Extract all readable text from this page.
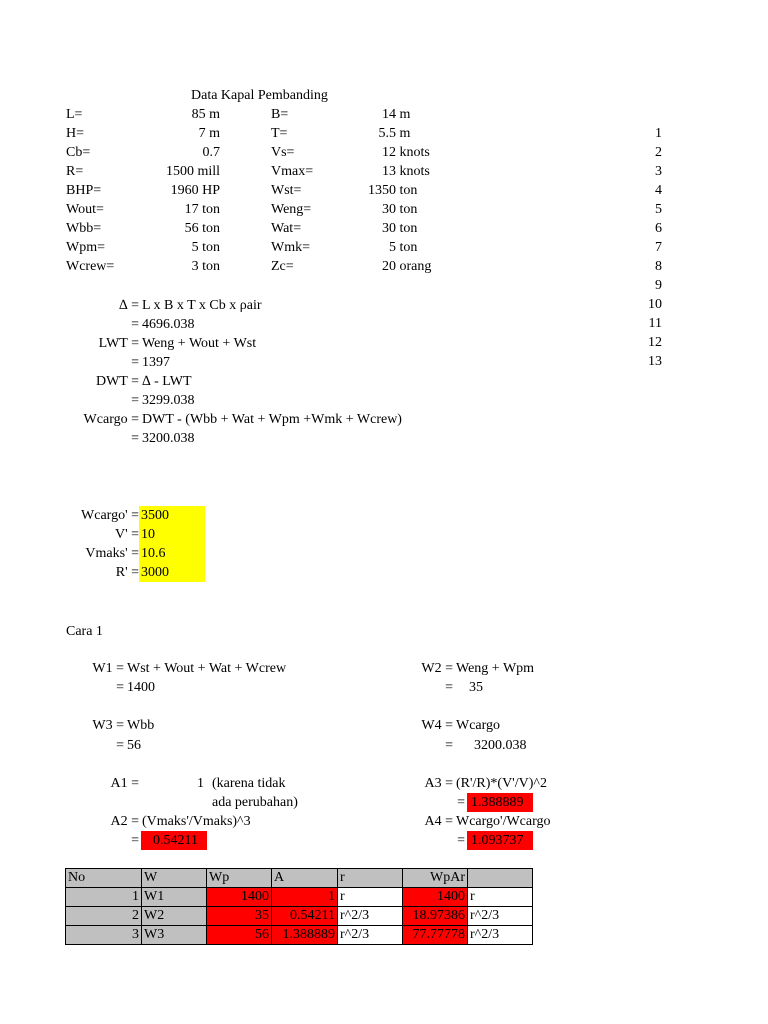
Data Kapal Pembanding
L=	85 m	B=	14 m
H=	7 m	T=	5.5 m	1
Cb=	0.7	Vs=	12 knots	2
R=	1500 mill	Vmax=	13 knots	3
BHP=	1960 HP	Wst=	1350 ton	4
Wout=	17 ton	Weng=	30 ton	5
Wbb=	56 ton	Wat=	30 ton	6
Wpm=	5 ton	Wmk=	5 ton	7
Wcrew=	3 ton	Zc=	20 orang	8
9
10
11
12
13
∆ = L x B x T x Cb x ρair
= 4696.038
LWT = Weng + Wout + Wst
= 1397
DWT = ∆ - LWT
= 3299.038
Wcargo = DWT - (Wbb + Wat + Wpm +Wmk + Wcrew)
= 3200.038
Wcargo' = 3500
V' = 10
Vmaks' = 10.6
R' = 3000
Cara 1
W1 = Wst + Wout + Wat + Wcrew
= 1400
W2 = Weng + Wpm
= 35
W3 = Wbb
= 56
W4 = Wcargo
= 3200.038
A1 =	1 (karena tidak
ada perubahan)
A3 = (R'/R)*(V'/V)^2
= 1.388889
A2 = (Vmaks'/Vmaks)^3
=	0.54211
A4 = Wcargo'/Wcargo
= 1.093737
No	W	Wp	A	r	WpAr	
1	W1	1400	1	r	1400	r
2	W2	35	0.54211	r^2/3	18.97386	r^2/3
3	W3	56	1.388889	r^2/3	77.77778	r^2/3
